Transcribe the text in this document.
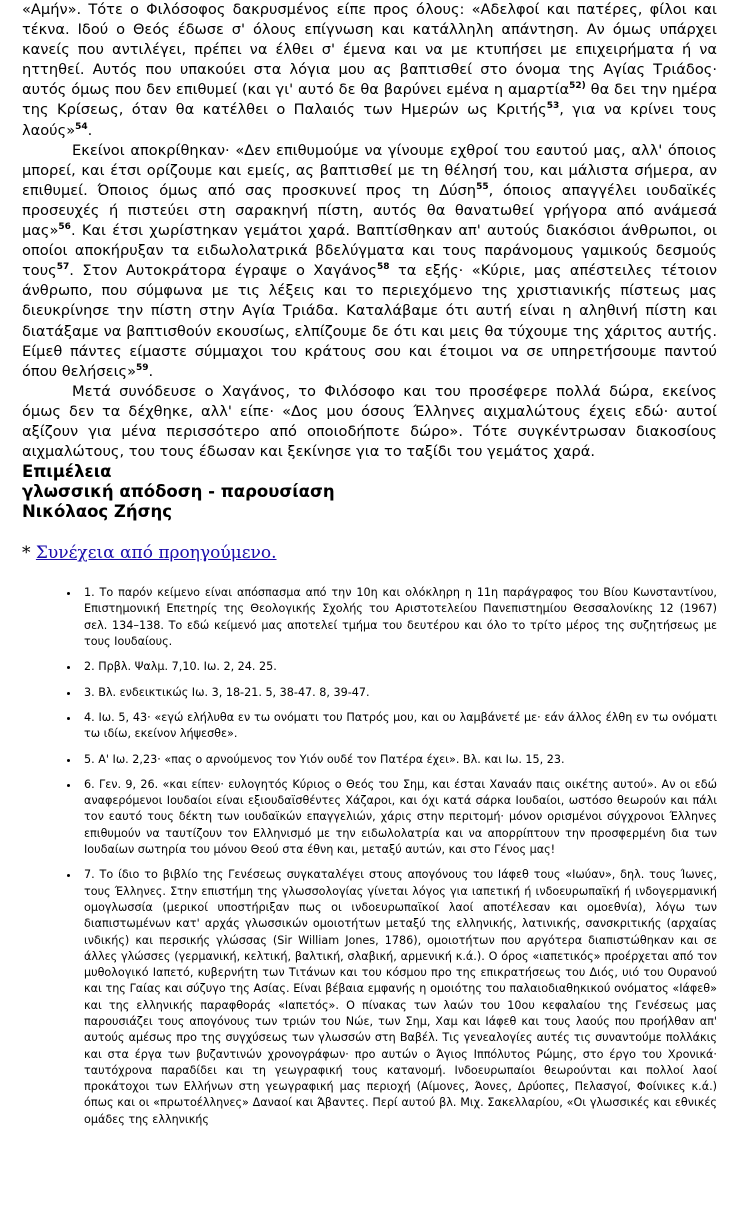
«Αμήν». Τότε ο Φιλόσοφος δακρυσμένος είπε προς όλους: «Αδελφοί και πατέρες, φίλοι και τέκνα. Ιδού ο Θεός έδωσε σ' όλους επίγνωση και κατάλληλη απάντηση. Αν όμως υπάρχει κανείς που αντιλέγει, πρέπει να έλθει σ' έμενα και να με κτυπήσει με επιχειρήματα ή να ηττηθεί. Αυτός που υπακούει στα λόγια μου ας βαπτισθεί στο όνομα της Αγίας Τριάδος· αυτός όμως που δεν επιθυμεί (και γι' αυτό δε θα βαρύνει εμένα η αμαρτία$^{52)}$ θα δει την ημέρα της Κρίσεως, όταν θα κατέλθει ο Παλαιός των Ημερών ως Κριτής$^{53}$, για να κρίνει τους λαούς»$^{54}$.

Εκείνοι αποκρίθηκαν· «Δεν επιθυμούμε να γίνουμε εχθροί του εαυτού μας, αλλ' όποιος μπορεί, και έτσι ορίζουμε και εμείς, ας βαπτισθεί με τη θέλησή του, και μάλιστα σήμερα, αν επιθυμεί. Όποιος όμως από σας προσκυνεί προς τη Δύση$^{55}$, όποιος απαγγέλει ιουδαϊκές προσευχές ή πιστεύει στη σαρακηνή πίστη, αυτός θα θανατωθεί γρήγορα από ανάμεσά μας»$^{56}$. Και έτσι χωρίστηκαν γεμάτοι χαρά. Βαπτίσθηκαν απ' αυτούς διακόσιοι άνθρωποι, οι οποίοι αποκήρυξαν τα ειδωλολατρικά βδελύγματα και τους παράνομους γαμικούς δεσμούς τους$^{57}$. Στον Αυτοκράτορα έγραψε ο Χαγάνος$^{58}$ τα εξής· «Κύριε, μας απέστειλες τέτοιον άνθρωπο, που σύμφωνα με τις λέξεις και το περιεχόμενο της χριστιανικής πίστεως μας διευκρίνησε την πίστη στην Αγία Τριάδα. Καταλάβαμε ότι αυτή είναι η αληθινή πίστη και διατάξαμε να βαπτισθούν εκουσίως, ελπίζουμε δε ότι και μεις θα τύχουμε της χάριτος αυτής. Είμεθ πάντες είμαστε σύμμαχοι του κράτους σου και έτοιμοι να σε υπηρετήσουμε παντού όπου θελήσεις»$^{59}$.

Μετά συνόδευσε ο Χαγάνος, το Φιλόσοφο και του προσέφερε πολλά δώρα, εκείνος όμως δεν τα δέχθηκε, αλλ' είπε· «Δος μου όσους Έλληνες αιχμαλώτους έχεις εδώ· αυτοί αξίζουν για μένα περισσότερο από οποιοδήποτε δώρο». Τότε συγκέντρωσαν διακοσίους αιχμαλώτους, του τους έδωσαν και ξεκίνησε για το ταξίδι του γεμάτος χαρά.

Επιμέλεια
γλωσσική απόδοση - παρουσίαση
Νικόλαος Ζήσης
* Συνέχεια από προηγούμενο.
• 1. Το παρόν κείμενο είναι απόσπασμα από την 10η και ολόκληρη η 11η παράγραφος του Βίου Κωνσταντίνου, Επιστημονική Επετηρίς της Θεολογικής Σχολής του Αριστοτελείου Πανεπιστημίου Θεσσαλονίκης 12 (1967) σελ. 134–138. Το εδώ κείμενό μας αποτελεί τμήμα του δευτέρου και όλο το τρίτο μέρος της συζητήσεως με τους Ιουδαίους.
• 2. Πρβλ. Ψαλμ. 7,10. Ιω. 2, 24. 25.
• 3. Βλ. ενδεικτικώς Ιω. 3, 18-21. 5, 38-47. 8, 39-47.
• 4. Ιω. 5, 43· «εγώ ελήλυθα εν τω ονόματι του Πατρός μου, και ου λαμβάνετέ με· εάν άλλος έλθη εν τω ονόματι τω ιδίω, εκείνον λήψεσθε».
• 5. Α' Ιω. 2,23· «πας ο αρνούμενος τον Υιόν ουδέ τον Πατέρα έχει». Βλ. και Ιω. 15, 23.
• 6. Γεν. 9, 26. «και είπεν· ευλογητός Κύριος ο Θεός του Σημ, και έσται Χαναάν παις οικέτης αυτού». Αν οι εδώ αναφερόμενοι Ιουδαίοι είναι εξιουδαϊσθέντες Χάζαροι, και όχι κατά σάρκα Ιουδαίοι, ωστόσο θεωρούν και πάλι τον εαυτό τους δέκτη των ιουδαϊκών επαγγελιών, χάρις στην περιτομή· μόνον ορισμένοι σύγχρονοι Έλληνες επιθυμούν να ταυτίζουν τον Ελληνισμό με την ειδωλολατρία και να απορρίπτουν την προσφερμένη δια των Ιουδαίων σωτηρία του μόνου Θεού στα έθνη και, μεταξύ αυτών, και στο Γένος μας!
• 7. Το ίδιο το βιβλίο της Γενέσεως συγκαταλέγει στους απογόνους του Ιάφεθ τους «Ιωύαν», δηλ. τους Ίωνες, τους Έλληνες. Στην επιστήμη της γλωσσολογίας γίνεται λόγος για ιαπετική ή ινδοευρωπαϊκή ή ινδογερμανική ομογλωσσία (μερικοί υποστήριξαν πως οι ινδοευρωπαϊκοί λαοί αποτέλεσαν και ομοεθνία), λόγω των διαπιστωμένων κατ' αρχάς γλωσσικών ομοιοτήτων μεταξύ της ελληνικής, λατινικής, σανσκριτικής (αρχαίας ινδικής) και περσικής γλώσσας (Sir William Jones, 1786), ομοιοτήτων που αργότερα διαπιστώθηκαν και σε άλλες γλώσσες (γερμανική, κελτική, βαλτική, σλαβική, αρμενική κ.ά.). Ο όρος «ιαπετικός» προέρχεται από τον μυθολογικό Ιαπετό, κυβερνήτη των Τιτάνων και του κόσμου προ της επικρατήσεως του Διός, υιό του Ουρανού και της Γαίας και σύζυγο της Ασίας. Είναι βέβαια εμφανής η ομοιότης του παλαιοδιαθηκικού ονόματος «Ιάφεθ» και της ελληνικής παραφθοράς «Ιαπετός». Ο πίνακας των λαών του 10ου κεφαλαίου της Γενέσεως μας παρουσιάζει τους απογόνους των τριών του Νώε, των Σημ, Χαμ και Ιάφεθ και τους λαούς που προήλθαν απ' αυτούς αμέσως προ της συγχύσεως των γλωσσών στη Βαβέλ. Τις γενεαλογίες αυτές τις συναντούμε πολλάκις και στα έργα των βυζαντινών χρονογράφων· προ αυτών ο Άγιος Ιππόλυτος Ρώμης, στο έργο του Χρονικά· ταυτόχρονα παραδίδει και τη γεωγραφική τους κατανομή. Ινδοευρωπαίοι θεωρούνται και πολλοί λαοί προκάτοχοι των Ελλήνων στη γεωγραφική μας περιοχή (Αίμονες, Άονες, Δρύοπες, Πελασγοί, Φοίνικες κ.ά.) όπως και οι «πρωτοέλληνες» Δαναοί και Άβαντες. Περί αυτού βλ. Μιχ. Σακελλαρίου, «Οι γλωσσικές και εθνικές ομάδες της ελληνικής
